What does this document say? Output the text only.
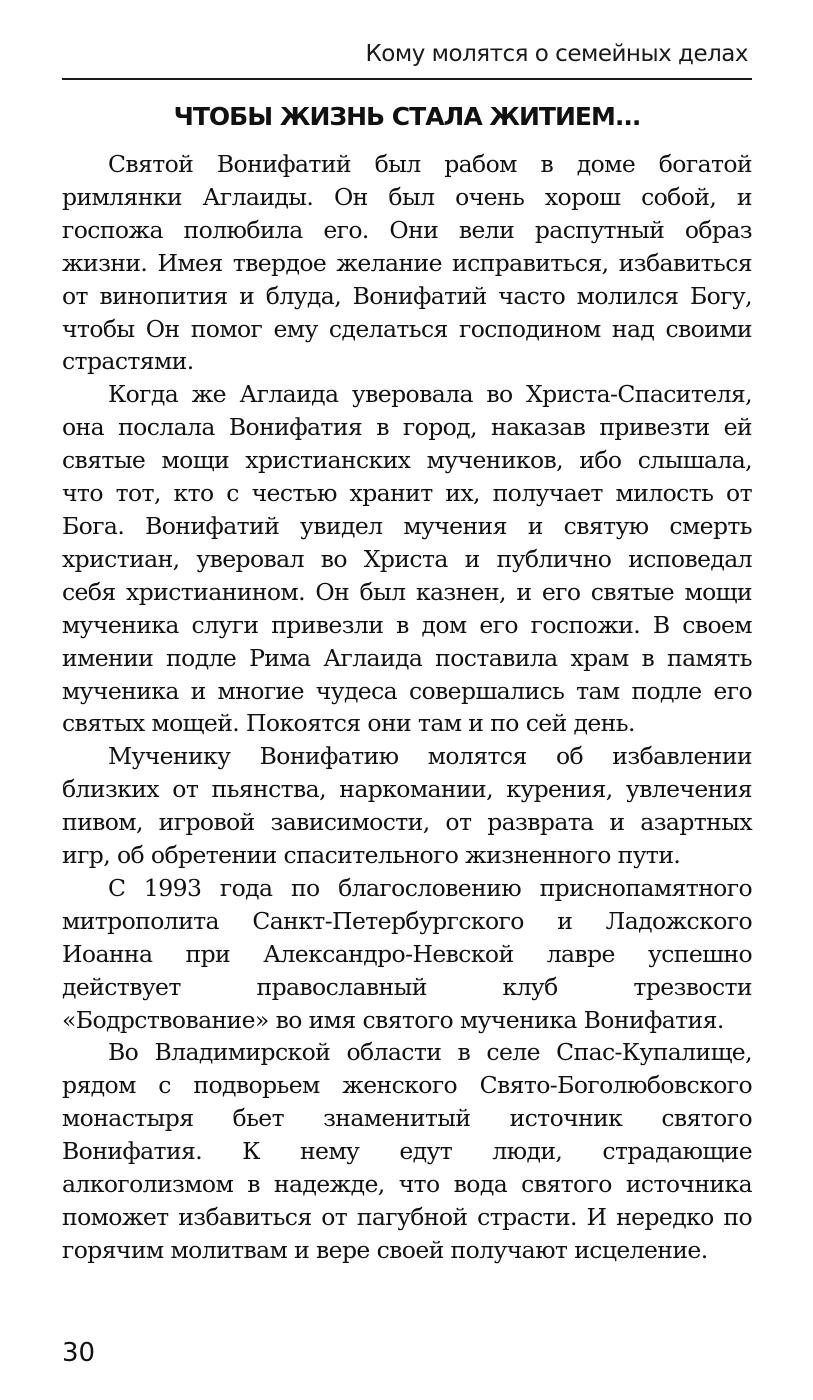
Кому молятся о семейных делах
ЧТОБЫ ЖИЗНЬ СТАЛА ЖИТИЕМ...

Святой Вонифатий был рабом в доме богатой римлянки Аглаиды. Он был очень хорош собой, и госпожа полюбила его. Они вели распутный образ жизни. Имея твердое желание исправиться, избавиться от винопития и блуда, Вонифатий часто молился Богу, чтобы Он помог ему сделаться господином над своими страстями.

Когда же Аглаида уверовала во Христа-Спасителя, она послала Вонифатия в город, наказав привезти ей святые мощи христианских мучеников, ибо слышала, что тот, кто с честью хранит их, получает милость от Бога. Вонифатий увидел мучения и святую смерть христиан, уверовал во Христа и публично исповедал себя христианином. Он был казнен, и его святые мощи мученика слуги привезли в дом его госпожи. В своем имении подле Рима Аглаида поставила храм в память мученика и многие чудеса совершались там подле его святых мощей. Покоятся они там и по сей день.

Мученику Вонифатию молятся об избавлении близких от пьянства, наркомании, курения, увлечения пивом, игровой зависимости, от разврата и азартных игр, об обретении спасительного жизненного пути.

С 1993 года по благословению приснопамятного митрополита Санкт-Петербургского и Ладожского Иоанна при Александро-Невской лавре успешно действует православный клуб трезвости «Бодрствование» во имя святого мученика Вонифатия.

Во Владимирской области в селе Спас-Купалище, рядом с подворьем женского Свято-Боголюбовского монастыря бьет знаменитый источник святого Вонифатия. К нему едут люди, страдающие алкоголизмом в надежде, что вода святого источника поможет избавиться от пагубной страсти. И нередко по горячим молитвам и вере своей получают исцеление.

30
